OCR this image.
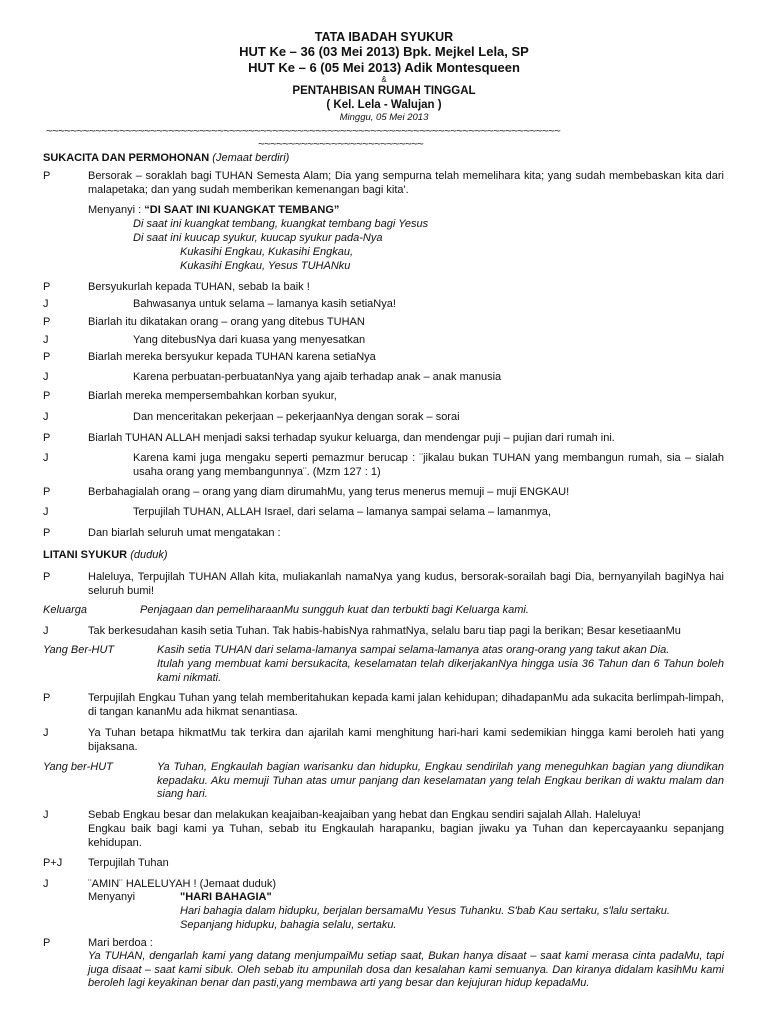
TATA IBADAH SYUKUR
HUT Ke – 36 (03 Mei 2013) Bpk. Mejkel Lela, SP
HUT Ke – 6 (05 Mei 2013) Adik Montesqueen
&
PENTAHBISAN RUMAH TINGGAL
( Kel. Lela - Walujan )
Minggu, 05 Mei 2013
~~~~~~~~~~~~~~~~~~~~~~~~~~~~~~~~~~~~~~~~~~~~~~~~~~~~~~~~~~~~~~~~~~~~~~~~~~~~~~~~~~~~
~~~~~~~~~~~~~~~~~~~~~~~~~~~
SUKACITA DAN PERMOHONAN (Jemaat berdiri)
P	Bersorak – soraklah bagi TUHAN Semesta Alam; Dia yang sempurna telah memelihara kita; yang sudah membebaskan kita dari malapetaka; dan yang sudah memberikan kemenangan bagi kita'.
Menyanyi : “DI SAAT INI KUANGKAT TEMBANG”
Di saat ini kuangkat tembang, kuangkat tembang bagi Yesus
Di saat ini kuucap syukur, kuucap syukur pada-Nya
Kukasihi Engkau, Kukasihi Engkau,
Kukasihi Engkau, Yesus TUHANku
P	Bersyukurlah kepada TUHAN, sebab Ia baik !
J	Bahwasanya untuk selama – lamanya kasih setiaNya!
P	Biarlah itu dikatakan orang – orang yang ditebus TUHAN
J	Yang ditebusNya dari kuasa yang menyesatkan
P	Biarlah mereka bersyukur kepada TUHAN karena setiaNya
J	Karena perbuatan-perbuatanNya yang ajaib terhadap anak – anak manusia
P	Biarlah mereka mempersembahkan korban syukur,
J	Dan menceritakan pekerjaan – pekerjaanNya dengan sorak – sorai
P	Biarlah TUHAN ALLAH menjadi saksi terhadap syukur keluarga, dan mendengar puji – pujian dari rumah ini.
J	Karena kami juga mengaku seperti pemazmur berucap : ¨jikalau bukan TUHAN yang membangun rumah, sia – sialah usaha orang yang membangunnya¨. (Mzm 127 : 1)
P	Berbahagialah orang – orang yang diam dirumahMu, yang terus menerus memuji – muji ENGKAU!
J	Terpujilah TUHAN, ALLAH Israel, dari selama – lamanya sampai selama – lamanmya,
P	Dan biarlah seluruh umat mengatakan :
LITANI SYUKUR (duduk)
P	Haleluya, Terpujilah TUHAN Allah kita, muliakanlah namaNya yang kudus, bersorak-sorailah bagi Dia, bernyanyilah bagiNya hai seluruh bumi!
Keluarga	Penjagaan dan pemeliharaanMu sungguh kuat dan terbukti bagi Keluarga kami.
J	Tak berkesudahan kasih setia Tuhan. Tak habis-habisNya rahmatNya, selalu baru tiap pagi la berikan; Besar kesetiaanMu
Yang Ber-HUT	Kasih setia TUHAN dari selama-lamanya sampai selama-lamanya atas orang-orang yang takut akan Dia.
Itulah yang membuat kami bersukacita, keselamatan telah dikerjakanNya hingga usia 36 Tahun dan 6 Tahun boleh kami nikmati.
P	Terpujilah Engkau Tuhan yang telah memberitahukan kepada kami jalan kehidupan; dihadapanMu ada sukacita berlimpah-limpah, di tangan kananMu ada hikmat senantiasa.
J	Ya Tuhan betapa hikmatMu tak terkira dan ajarilah kami menghitung hari-hari kami sedemikian hingga kami beroleh hati yang bijaksana.
Yang ber-HUT	Ya Tuhan, Engkaulah bagian warisanku dan hidupku, Engkau sendirilah yang meneguhkan bagian yang diundikan kepadaku. Aku memuji Tuhan atas umur panjang dan keselamatan yang telah Engkau berikan di waktu malam dan siang hari.
J	Sebab Engkau besar dan melakukan keajaiban-keajaiban yang hebat dan Engkau sendiri sajalah Allah. Haleluya!
Engkau baik bagi kami ya Tuhan, sebab itu Engkaulah harapanku, bagian jiwaku ya Tuhan dan kepercayaanku sepanjang kehidupan.
P+J Terpujilah Tuhan
J	¨AMIN¨ HALELUYAH ! (Jemaat duduk)
Menyanyi	"HARI BAHAGIA"
Hari bahagia dalam hidupku, berjalan bersamaMu Yesus Tuhanku. S'bab Kau sertaku, s'lalu sertaku.
Sepanjang hidupku, bahagia selalu, sertaku.
P	Mari berdoa :
Ya TUHAN, dengarlah kami yang datang menjumpaiMu setiap saat, Bukan hanya disaat – saat kami merasa cinta padaMu, tapi juga disaat – saat kami sibuk. Oleh sebab itu ampunilah dosa dan kesalahan kami semuanya. Dan kiranya didalam kasihMu kami beroleh lagi keyakinan benar dan pasti,yang membawa arti yang besar dan kejujuran hidup kepadaMu.
